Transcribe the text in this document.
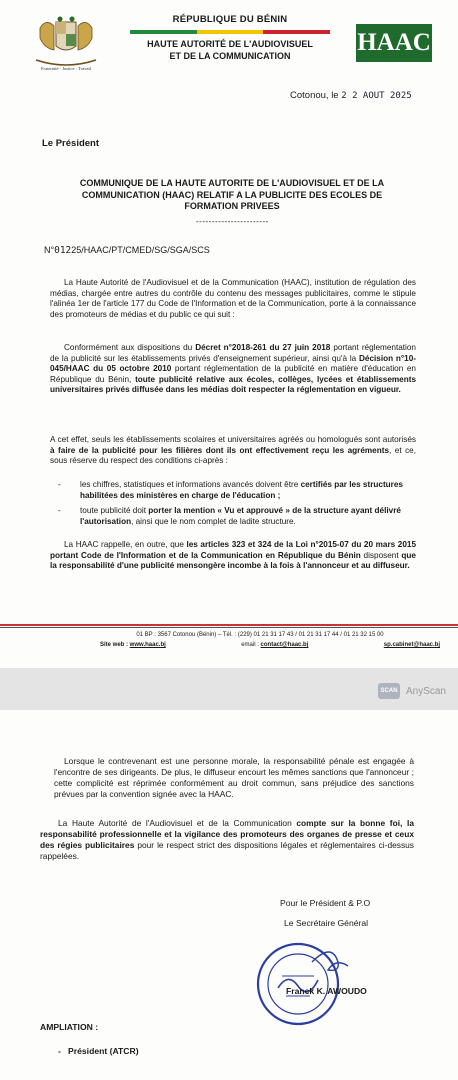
Fraternité · Justice · Travail
RÉPUBLIQUE DU BÉNIN
HAUTE AUTORITÉ DE L'AUDIOVISUEL
ET DE LA COMMUNICATION	HAAC
Cotonou, le 2 2 AOUT 2025
Le Président
COMMUNIQUE DE LA HAUTE AUTORITE DE L'AUDIOVISUEL ET DE LA COMMUNICATION (HAAC) RELATIF A LA PUBLICITE DES ECOLES DE FORMATION PRIVEES
-----------------------
N°01225/HAAC/PT/CMED/SG/SGA/SCS
La Haute Autorité de l'Audiovisuel et de la Communication (HAAC), institution de régulation des médias, chargée entre autres du contrôle du contenu des messages publicitaires, comme le stipule l'alinéa 1er de l'article 177 du Code de l'Information et de la Communication, porte à la connaissance des promoteurs de médias et du public ce qui suit :
Conformément aux dispositions du Décret n°2018-261 du 27 juin 2018 portant réglementation de la publicité sur les établissements privés d'enseignement supérieur, ainsi qu'à la Décision n°10-045/HAAC du 05 octobre 2010 portant réglementation de la publicité en matière d'éducation en République du Bénin, toute publicité relative aux écoles, collèges, lycées et établissements universitaires privés diffusée dans les médias doit respecter la réglementation en vigueur.
A cet effet, seuls les établissements scolaires et universitaires agréés ou homologués sont autorisés à faire de la publicité pour les filières dont ils ont effectivement reçu les agréments, et ce, sous réserve du respect des conditions ci-après :
- les chiffres, statistiques et informations avancés doivent être certifiés par les structures habilitées des ministères en charge de l'éducation ;
- toute publicité doit porter la mention « Vu et approuvé » de la structure ayant délivré l'autorisation, ainsi que le nom complet de ladite structure.
La HAAC rappelle, en outre, que les articles 323 et 324 de la Loi n°2015-07 du 20 mars 2015 portant Code de l'Information et de la Communication en République du Bénin disposent que la responsabilité d'une publicité mensongère incombe à la fois à l'annonceur et au diffuseur.
01 BP : 3567 Cotonou (Bénin) – Tél. : (229) 01 21 31 17 43 / 01 21 31 17 44 / 01 21 32 15 00
Site web : www.haac.bj	email : contact@haac.bj	sp.cabinet@haac.bj
SCAN AnyScan
Lorsque le contrevenant est une personne morale, la responsabilité pénale est engagée à l'encontre de ses dirigeants. De plus, le diffuseur encourt les mêmes sanctions que l'annonceur ; cette complicité est réprimée conformément au droit commun, sans préjudice des sanctions prévues par la convention signée avec la HAAC.
La Haute Autorité de l'Audiovisuel et de la Communication compte sur la bonne foi, la responsabilité professionnelle et la vigilance des promoteurs des organes de presse et ceux des régies publicitaires pour le respect strict des dispositions légales et réglementaires ci-dessus rappelées.
Pour le Président & P.O
Le Secrétaire Général
Franck K. AWOUDO
AMPLIATION :
- Président (ATCR)
